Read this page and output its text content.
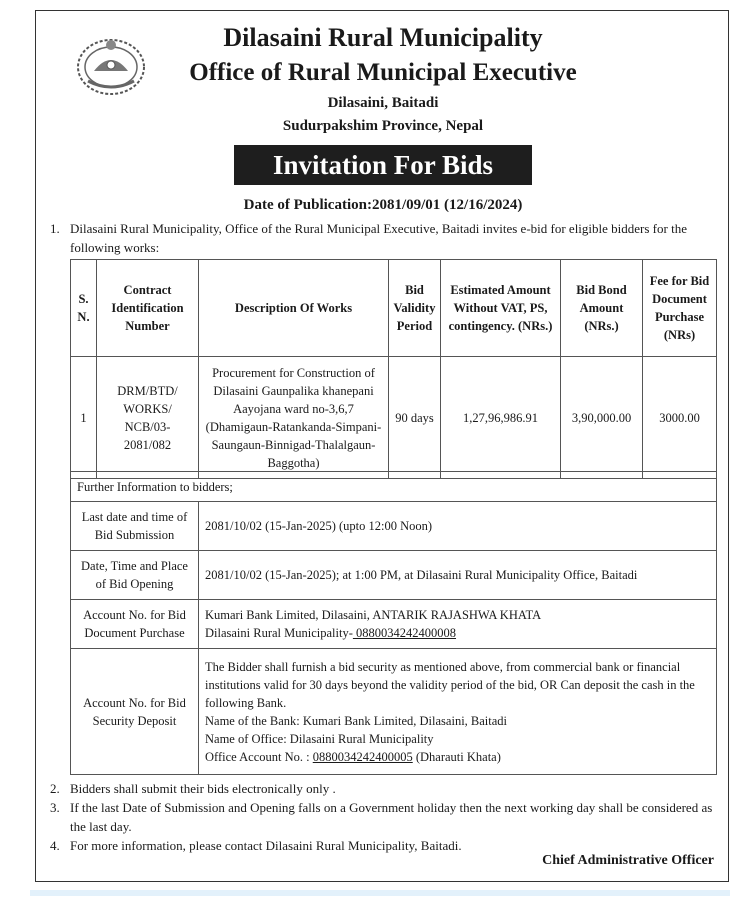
Dilasaini Rural Municipality
Office of Rural Municipal Executive
Dilasaini, Baitadi
Sudurpakshim Province, Nepal
Invitation For Bids
Date of Publication:2081/09/01 (12/16/2024)
1. Dilasaini Rural Municipality, Office of the Rural Municipal Executive, Baitadi invites e-bid for eligible bidders for the following works:
S. N.	Contract Identification Number	Description Of Works	Bid Validity Period	Estimated Amount Without VAT, PS, contingency. (NRs.)	Bid Bond Amount (NRs.)	Fee for Bid Document Purchase (NRs)
1	DRM/BTD/ WORKS/ NCB/03- 2081/082	Procurement for Construction of Dilasaini Gaunpalika khanepani Aayojana ward no-3,6,7 (Dhamigaun-Ratankanda-Simpani-Saungaun-Binnigad-Thalalgaun-Baggotha)	90 days	1,27,96,986.91	3,90,000.00	3000.00
Further Information to bidders;	
Last date and time of Bid Submission	2081/10/02 (15-Jan-2025) (upto 12:00 Noon)
Date, Time and Place of Bid Opening	2081/10/02 (15-Jan-2025); at 1:00 PM, at Dilasaini Rural Municipality Office, Baitadi
Account No. for Bid Document Purchase	Kumari Bank Limited, Dilasaini, ANTARIK RAJASHWA KHATA
Dilasaini Rural Municipality- 0880034242400008

Account No. for Bid Security Deposit	The Bidder shall furnish a bid security as mentioned above, from commercial bank or financial institutions valid for 30 days beyond the validity period of the bid, OR Can deposit the cash in the following Bank.
Name of the Bank: Kumari Bank Limited, Dilasaini, Baitadi
Name of Office: Dilasaini Rural Municipality
Office Account No. : 0880034242400005 (Dharauti Khata)
2. Bidders shall submit their bids electronically only .
3. If the last Date of Submission and Opening falls on a Government holiday then the next working day shall be considered as the last day.
4. For more information, please contact Dilasaini Rural Municipality, Baitadi.
Chief Administrative Officer
